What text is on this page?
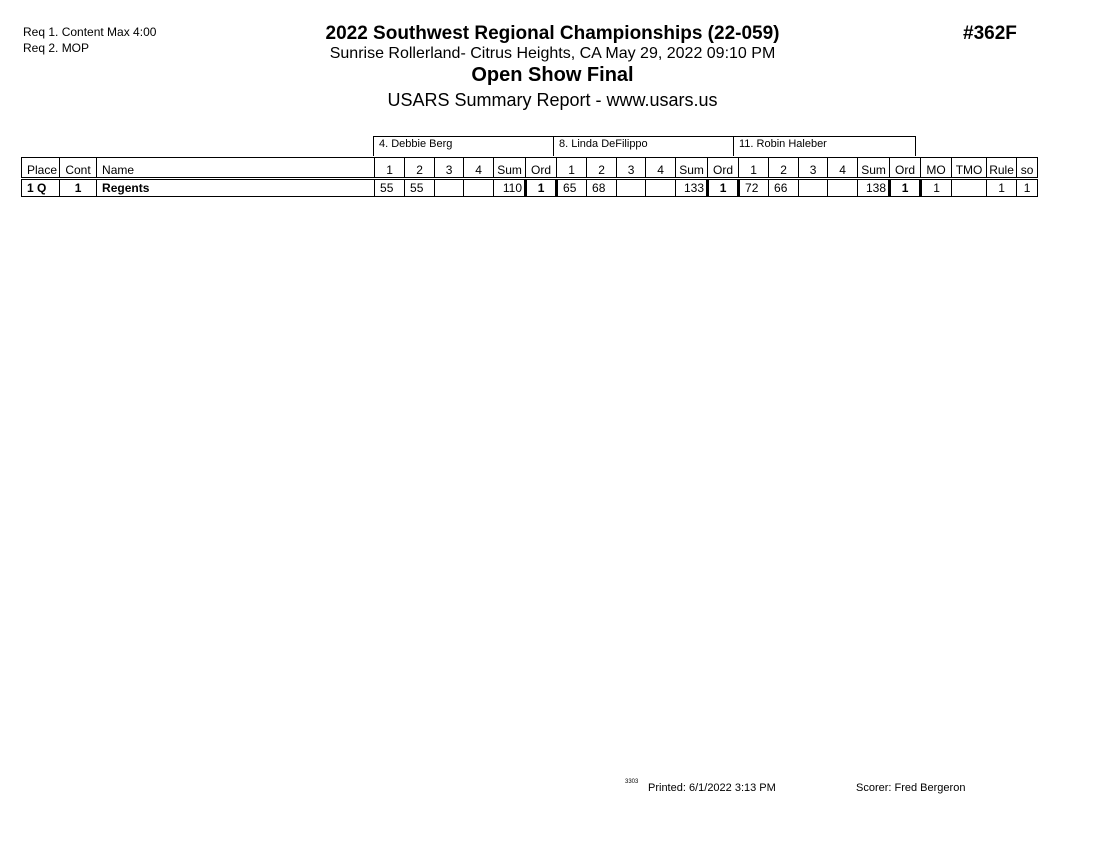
Req 1. Content Max 4:00
Req 2. MOP
2022 Southwest Regional Championships (22-059)
Sunrise Rollerland- Citrus Heights, CA May 29, 2022 09:10 PM
Open Show Final
USARS Summary Report - www.usars.us
#362F
4. Debbie Berg	8. Linda DeFilippo	11. Robin Haleber
Place	Cont	Name	1	2	3	4	Sum	Ord	1	2	3	4	Sum	Ord	1	2	3	4	Sum	Ord	MO	TMO	Rule	so
1 Q	1	Regents	55	55			110	1	65	68			133	1	72	66			138	1	1		1	1
3303 Printed: 6/1/2022 3:13 PM	Scorer: Fred Bergeron
